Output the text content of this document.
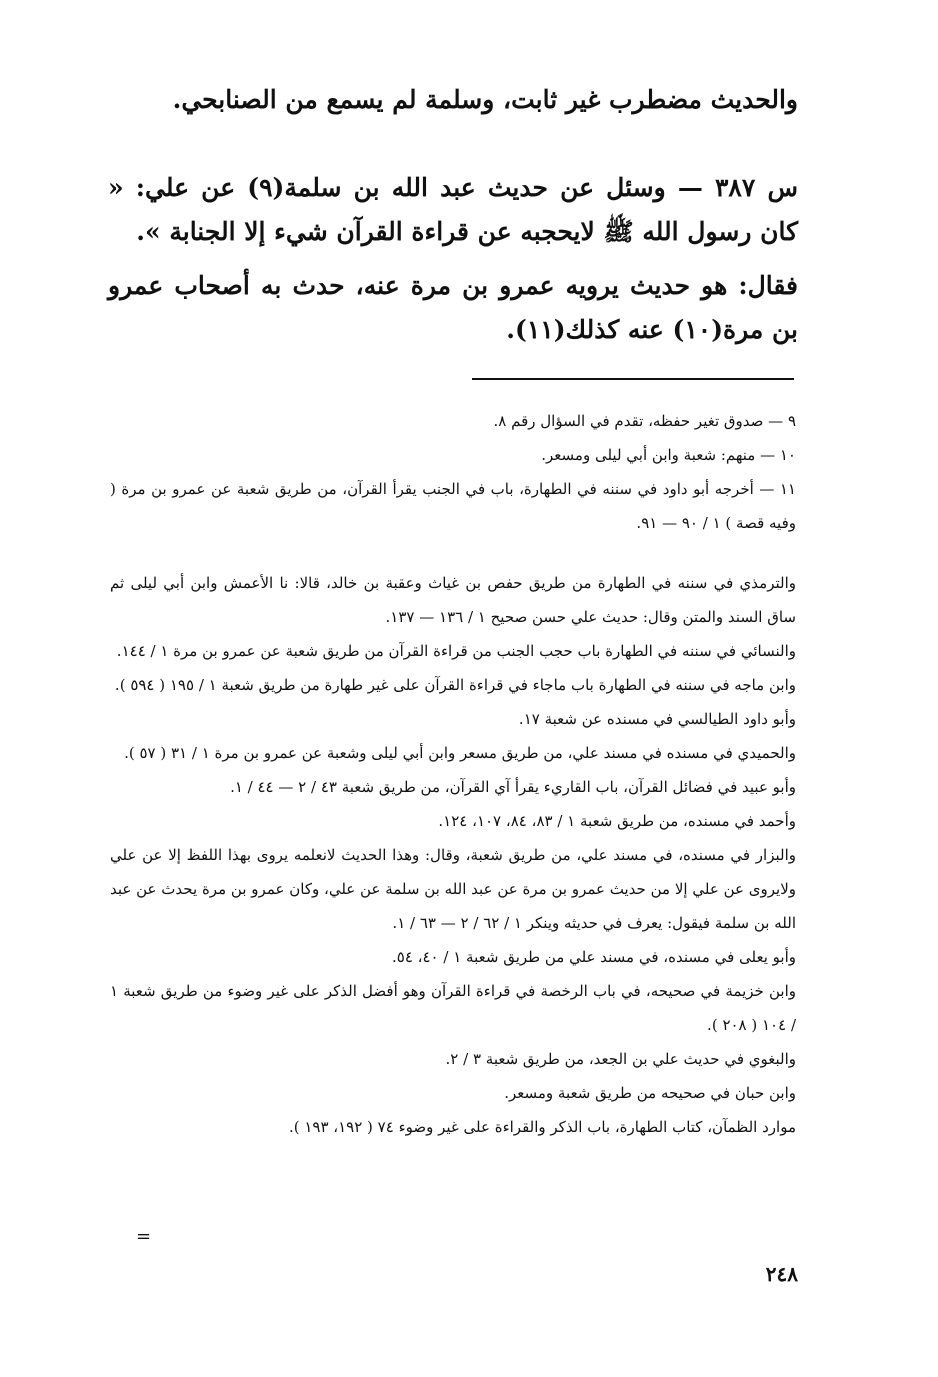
والحديث مضطرب غير ثابت، وسلمة لم يسمع من الصنابحي.

س ٣٨٧ — وسئل عن حديث عبد الله بن سلمة(٩) عن علي: « كان رسول الله ﷺ لايحجبه عن قراءة القرآن شيء إلا الجنابة ».

فقال: هو حديث يرويه عمرو بن مرة عنه، حدث به أصحاب عمرو بن مرة(١٠) عنه كذلك(١١).

٩ — صدوق تغير حفظه، تقدم في السؤال رقم ٨.

١٠ — منهم: شعبة وابن أبي ليلى ومسعر.

١١ — أخرجه أبو داود في سننه في الطهارة، باب في الجنب يقرأ القرآن، من طريق شعبة عن عمرو بن مرة ( وفيه قصة ) ١ / ٩٠ — ٩١.

والترمذي في سننه في الطهارة من طريق حفص بن غياث وعقبة بن خالد، قالا: نا الأعمش وابن أبي ليلى ثم ساق السند والمتن وقال: حديث علي حسن صحيح ١ / ١٣٦ — ١٣٧.

والنسائي في سننه في الطهارة باب حجب الجنب من قراءة القرآن من طريق شعبة عن عمرو بن مرة ١ / ١٤٤.

وابن ماجه في سننه في الطهارة باب ماجاء في قراءة القرآن على غير طهارة من طريق شعبة ١ / ١٩٥ ( ٥٩٤ ).

وأبو داود الطيالسي في مسنده عن شعبة ١٧.

والحميدي في مسنده في مسند علي، من طريق مسعر وابن أبي ليلى وشعبة عن عمرو بن مرة ١ / ٣١ ( ٥٧ ).

وأبو عبيد في فضائل القرآن، باب القاريء يقرأ آي القرآن، من طريق شعبة ٤٣ / ٢ — ٤٤ / ١.

وأحمد في مسنده، من طريق شعبة ١ / ٨٣، ٨٤، ١٠٧، ١٢٤.

والبزار في مسنده، في مسند علي، من طريق شعبة، وقال: وهذا الحديث لانعلمه يروى بهذا اللفظ إلا عن علي ولايروى عن علي إلا من حديث عمرو بن مرة عن عبد الله بن سلمة عن علي، وكان عمرو بن مرة يحدث عن عبد الله بن سلمة فيقول: يعرف في حديثه وينكر ١ / ٦٢ / ٢ — ٦٣ / ١.

وأبو يعلى في مسنده، في مسند علي من طريق شعبة ١ / ٤٠، ٥٤.

وابن خزيمة في صحيحه، في باب الرخصة في قراءة القرآن وهو أفضل الذكر على غير وضوء من طريق شعبة ١ / ١٠٤ ( ٢٠٨ ).

والبغوي في حديث علي بن الجعد، من طريق شعبة ٣ / ٢.

وابن حبان في صحيحه من طريق شعبة ومسعر.

موارد الظمآن، كتاب الطهارة، باب الذكر والقراءة على غير وضوء ٧٤ ( ١٩٢، ١٩٣ ).

=
٢٤٨
